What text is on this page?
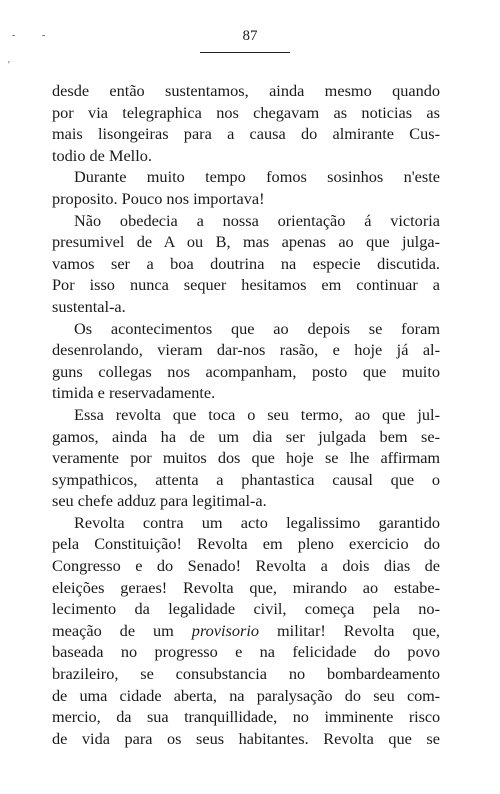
87
-
'
-
desde então sustentamos, ainda mesmo quando
por via telegraphica nos chegavam as noticias as
mais lisongeiras para a causa do almirante Cus-
todio de Mello.
Durante muito tempo fomos sosinhos n'este
proposito. Pouco nos importava!
Não obedecia a nossa orientação á victoria
presumivel de A ou B, mas apenas ao que julga-
vamos ser a boa doutrina na especie discutida.
Por isso nunca sequer hesitamos em continuar a
sustental-a.
Os acontecimentos que ao depois se foram
desenrolando, vieram dar-nos rasão, e hoje já al-
guns collegas nos acompanham, posto que muito
timida e reservadamente.
Essa revolta que toca o seu termo, ao que jul-
gamos, ainda ha de um dia ser julgada bem se-
veramente por muitos dos que hoje se lhe affirmam
sympathicos, attenta a phantastica causal que o
seu chefe adduz para legitimal-a.
Revolta contra um acto legalissimo garantido
pela Constituição! Revolta em pleno exercicio do
Congresso e do Senado! Revolta a dois dias de
eleições geraes! Revolta que, mirando ao estabe-
lecimento da legalidade civil, começa pela no-
meação de um provisorio militar! Revolta que,
baseada no progresso e na felicidade do povo
brazileiro, se consubstancia no bombardeamento
de uma cidade aberta, na paralysação do seu com-
mercio, da sua tranquillidade, no imminente risco
de vida para os seus habitantes. Revolta que se
